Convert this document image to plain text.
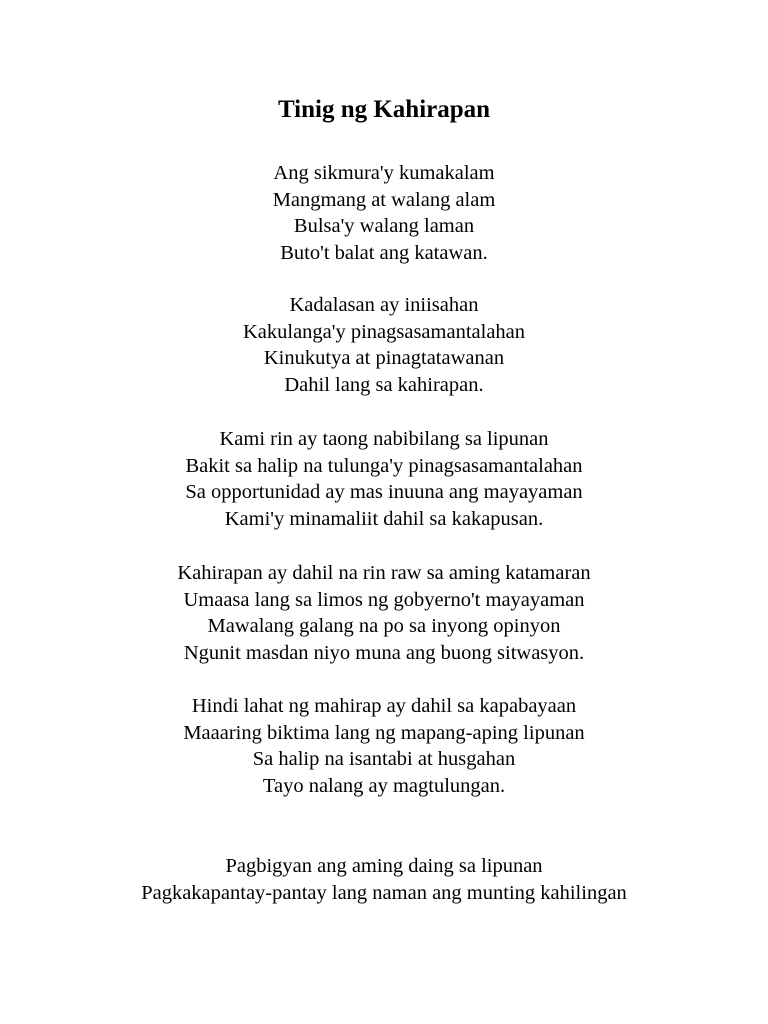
Tinig ng Kahirapan
Ang sikmura'y kumakalam
Mangmang at walang alam
Bulsa'y walang laman
Buto't balat ang katawan.
Kadalasan ay iniisahan
Kakulanga'y pinagsasamantalahan
Kinukutya at pinagtatawanan
Dahil lang sa kahirapan.
Kami rin ay taong nabibilang sa lipunan
Bakit sa halip na tulunga'y pinagsasamantalahan
Sa opportunidad ay mas inuuna ang mayayaman
Kami'y minamaliit dahil sa kakapusan.
Kahirapan ay dahil na rin raw sa aming katamaran
Umaasa lang sa limos ng gobyerno't mayayaman
Mawalang galang na po sa inyong opinyon
Ngunit masdan niyo muna ang buong sitwasyon.
Hindi lahat ng mahirap ay dahil sa kapabayaan
Maaaring biktima lang ng mapang-aping lipunan
Sa halip na isantabi at husgahan
Tayo nalang ay magtulungan.
Pagbigyan ang aming daing sa lipunan
Pagkakapantay-pantay lang naman ang munting kahilingan
